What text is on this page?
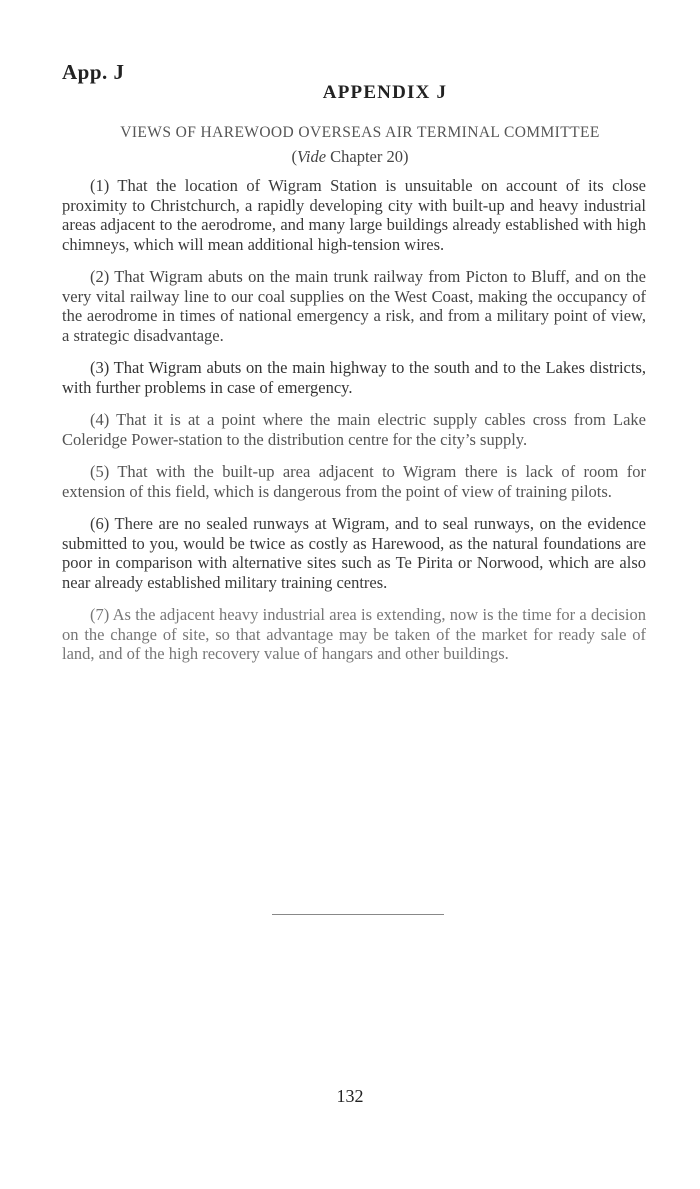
App. J
APPENDIX J
VIEWS OF HAREWOOD OVERSEAS AIR TERMINAL COMMITTEE
(Vide Chapter 20)

(1) That the location of Wigram Station is unsuitable on account of its close proximity to Christchurch, a rapidly developing city with built-up and heavy industrial areas adjacent to the aerodrome, and many large buildings already established with high chimneys, which will mean additional high-tension wires.

(2) That Wigram abuts on the main trunk railway from Picton to Bluff, and on the very vital railway line to our coal supplies on the West Coast, making the occupancy of the aerodrome in times of national emergency a risk, and from a military point of view, a strategic disadvantage.

(3) That Wigram abuts on the main highway to the south and to the Lakes districts, with further problems in case of emergency.

(4) That it is at a point where the main electric supply cables cross from Lake Coleridge Power-station to the distribution centre for the city’s supply.

(5) That with the built-up area adjacent to Wigram there is lack of room for extension of this field, which is dangerous from the point of view of training pilots.

(6) There are no sealed runways at Wigram, and to seal runways, on the evidence submitted to you, would be twice as costly as Harewood, as the natural foundations are poor in comparison with alternative sites such as Te Pirita or Norwood, which are also near already established military training centres.

(7) As the adjacent heavy industrial area is extending, now is the time for a decision on the change of site, so that advantage may be taken of the market for ready sale of land, and of the high recovery value of hangars and other buildings.

132
